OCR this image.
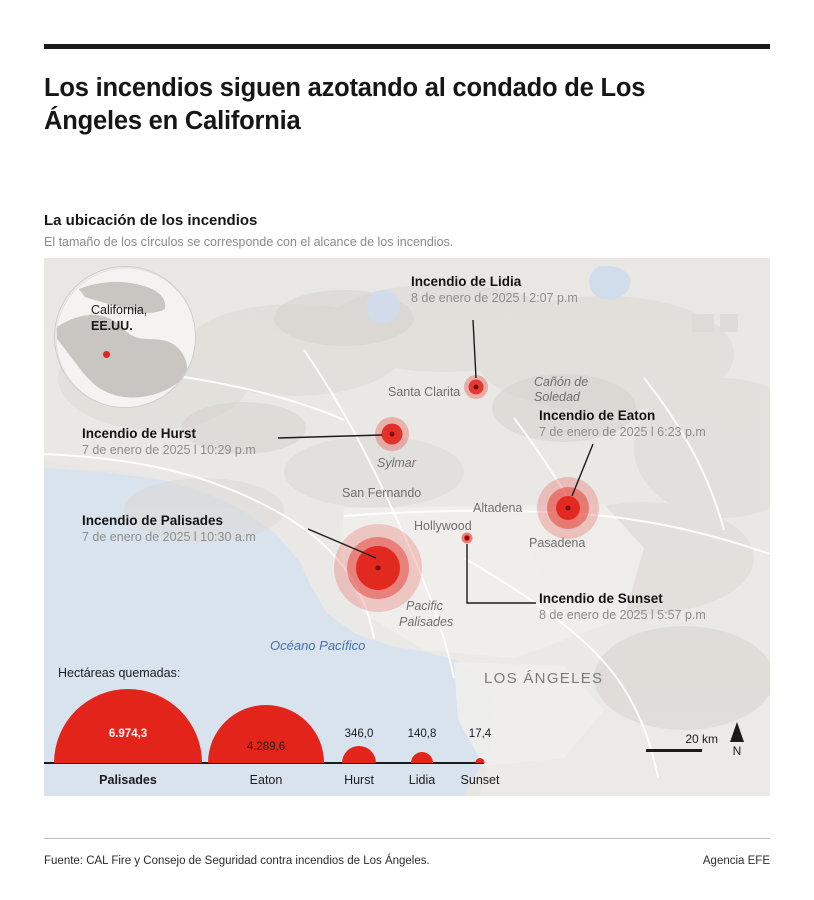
Los incendios siguen azotando al condado de Los Ángeles en California
La ubicación de los incendios
El tamaño de los círculos se corresponde con el alcance de los incendios.
Océano Pacífico
California,
EE.UU.
Santa Clarita
Cañón de
Soledad
Sylmar
San Fernando
Altadena
Hollywood
Pasadena
Pacific
Palisades
LOS ÁNGELES
Incendio de Lidia
8 de enero de 2025 l 2:07 p.m
Incendio de Hurst
7 de enero de 2025 l 10:29 p.m
Incendio de Eaton
7 de enero de 2025 l 6:23 p.m
Incendio de Palisades
7 de enero de 2025 l 10:30 a.m
Incendio de Sunset
8 de enero de 2025 l 5:57 p.m
Hectáreas quemadas:
6.974,3
Palisades
4.289,6
Eaton
346,0
Hurst
140,8
Lidia
17,4
Sunset
20 km
N
Fuente: CAL Fire y Consejo de Seguridad contra incendios de Los Ángeles.	Agencia EFE
